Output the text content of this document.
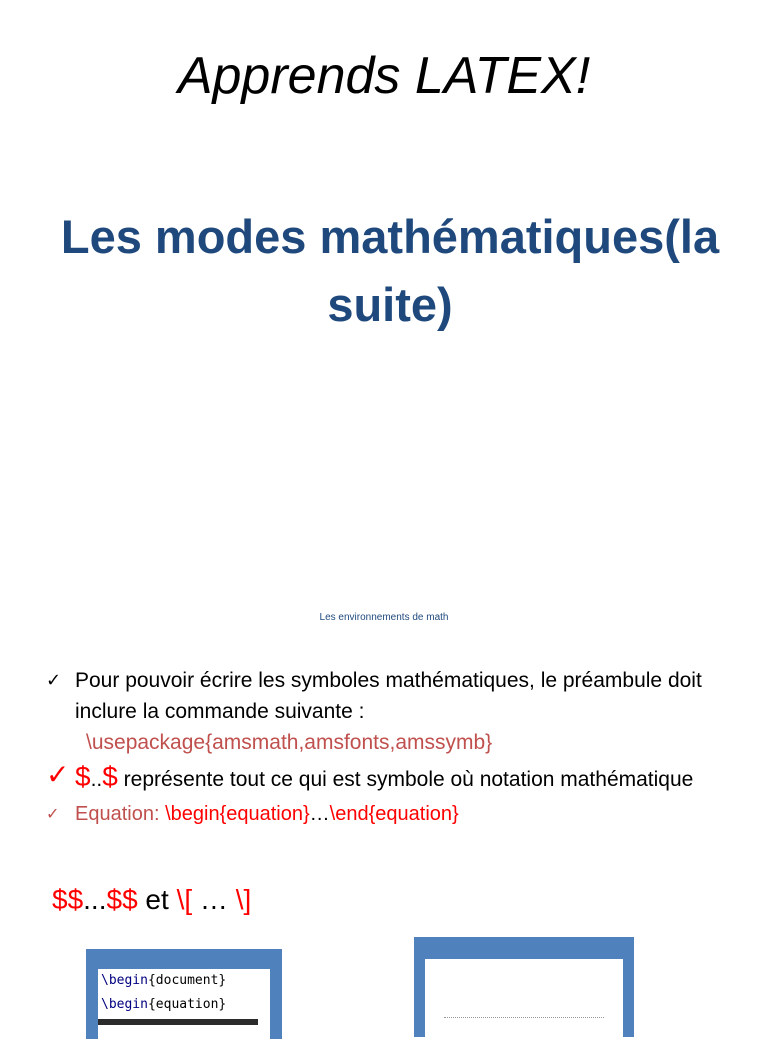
Apprends LATEX!
Les modes mathématiques(la suite)
Les environnements de math
✓ Pour pouvoir écrire les symboles mathématiques, le préambule doit inclure la commande suivante :
\usepackage{amsmath,amsfonts,amssymb}
✓ $..$ représente tout ce qui est symbole où notation mathématique
✓ Equation: \begin{equation}…\end{equation}
$$...$$ et \[ … \]
\begin{document}
\begin{equation}
